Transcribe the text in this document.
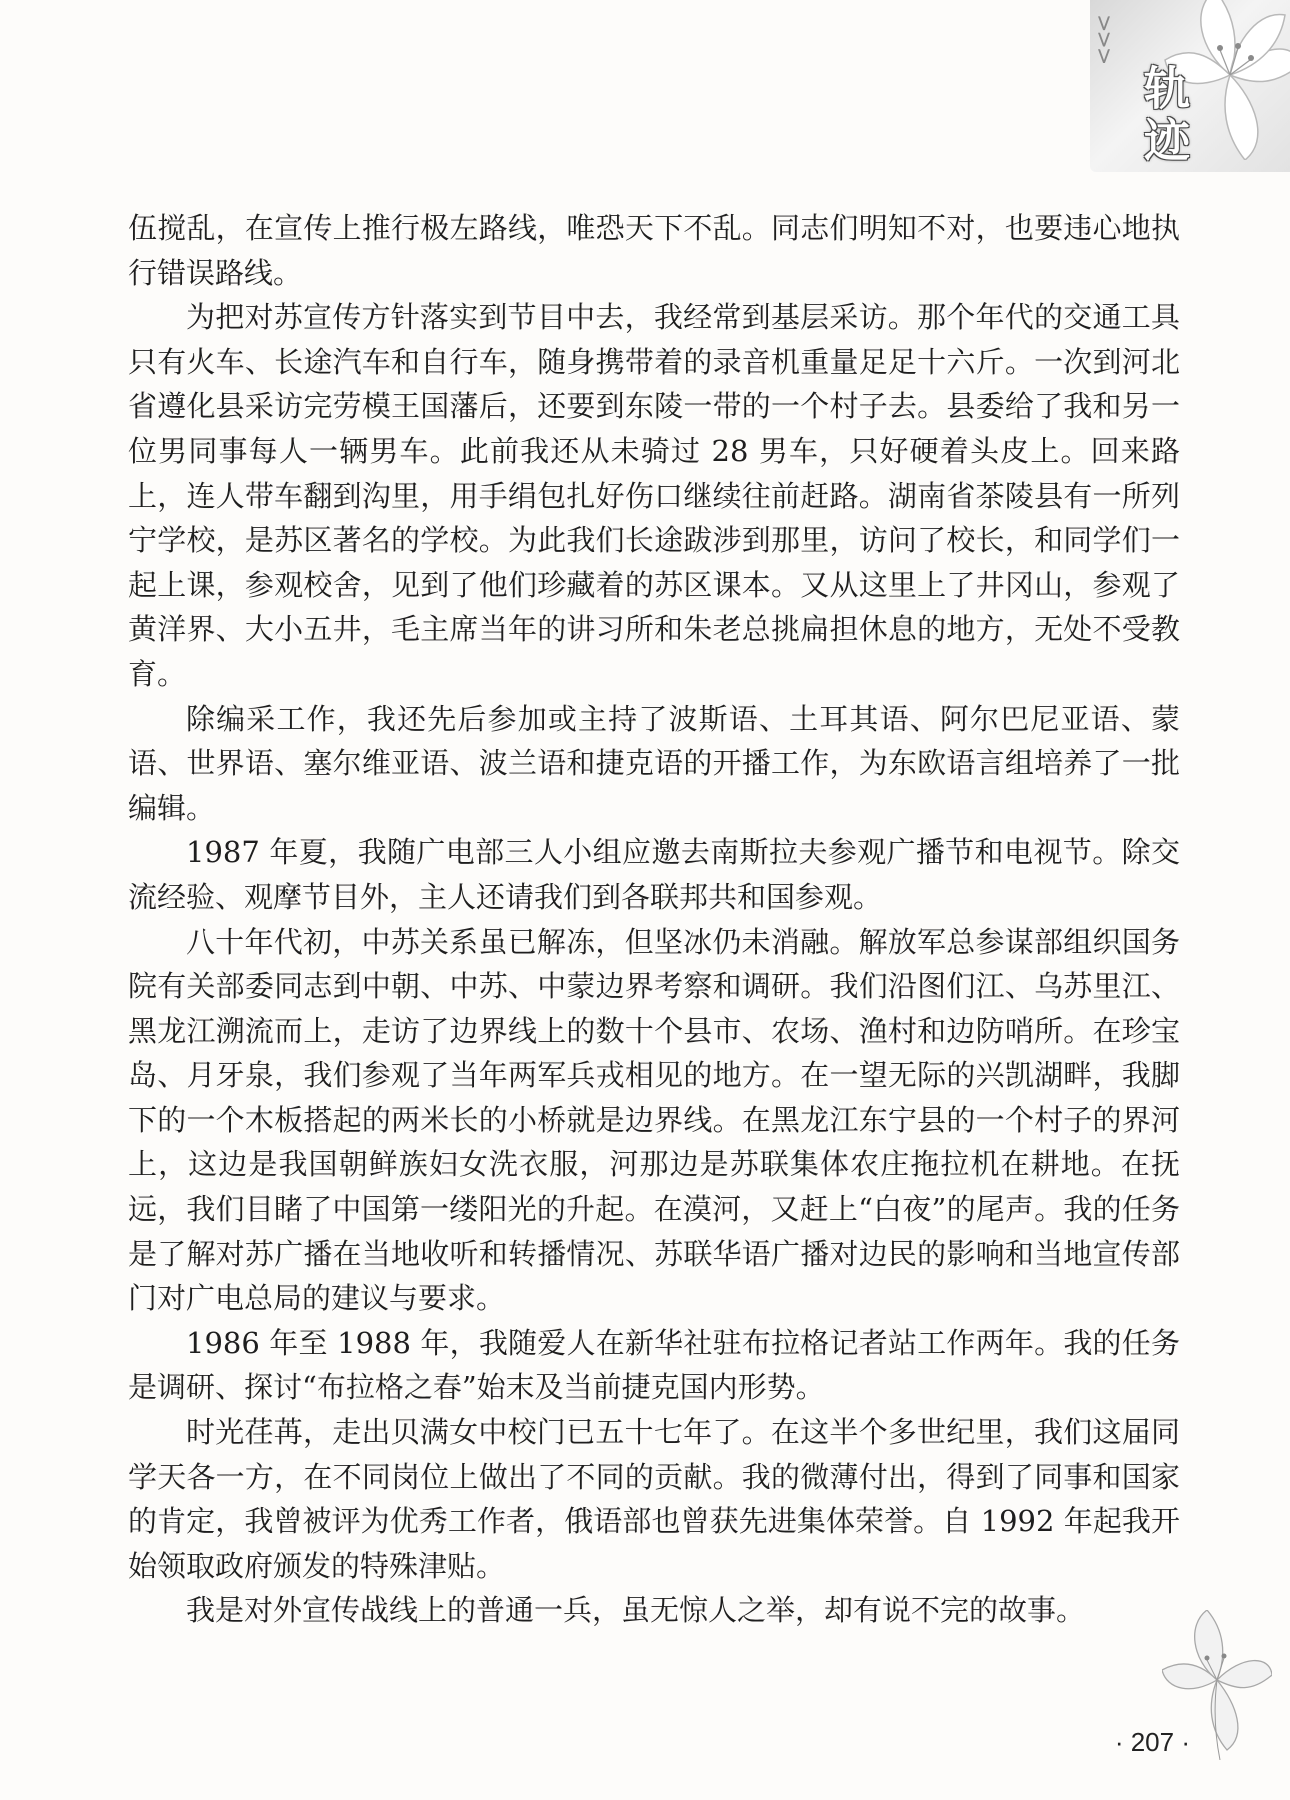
>>>
轨迹

伍搅乱，在宣传上推行极左路线，唯恐天下不乱。同志们明知不对，也要违心地执行错误路线。

为把对苏宣传方针落实到节目中去，我经常到基层采访。那个年代的交通工具只有火车、长途汽车和自行车，随身携带着的录音机重量足足十六斤。一次到河北省遵化县采访完劳模王国藩后，还要到东陵一带的一个村子去。县委给了我和另一位男同事每人一辆男车。此前我还从未骑过 28 男车，只好硬着头皮上。回来路上，连人带车翻到沟里，用手绢包扎好伤口继续往前赶路。湖南省茶陵县有一所列宁学校，是苏区著名的学校。为此我们长途跋涉到那里，访问了校长，和同学们一起上课，参观校舍，见到了他们珍藏着的苏区课本。又从这里上了井冈山，参观了黄洋界、大小五井，毛主席当年的讲习所和朱老总挑扁担休息的地方，无处不受教育。

除编采工作，我还先后参加或主持了波斯语、土耳其语、阿尔巴尼亚语、蒙语、世界语、塞尔维亚语、波兰语和捷克语的开播工作，为东欧语言组培养了一批编辑。

1987 年夏，我随广电部三人小组应邀去南斯拉夫参观广播节和电视节。除交流经验、观摩节目外，主人还请我们到各联邦共和国参观。

八十年代初，中苏关系虽已解冻，但坚冰仍未消融。解放军总参谋部组织国务院有关部委同志到中朝、中苏、中蒙边界考察和调研。我们沿图们江、乌苏里江、黑龙江溯流而上，走访了边界线上的数十个县市、农场、渔村和边防哨所。在珍宝岛、月牙泉，我们参观了当年两军兵戎相见的地方。在一望无际的兴凯湖畔，我脚下的一个木板搭起的两米长的小桥就是边界线。在黑龙江东宁县的一个村子的界河上，这边是我国朝鲜族妇女洗衣服，河那边是苏联集体农庄拖拉机在耕地。在抚远，我们目睹了中国第一缕阳光的升起。在漠河，又赶上“白夜”的尾声。我的任务是了解对苏广播在当地收听和转播情况、苏联华语广播对边民的影响和当地宣传部门对广电总局的建议与要求。

1986 年至 1988 年，我随爱人在新华社驻布拉格记者站工作两年。我的任务是调研、探讨“布拉格之春”始末及当前捷克国内形势。

时光荏苒，走出贝满女中校门已五十七年了。在这半个多世纪里，我们这届同学天各一方，在不同岗位上做出了不同的贡献。我的微薄付出，得到了同事和国家的肯定，我曾被评为优秀工作者，俄语部也曾获先进集体荣誉。自 1992 年起我开始领取政府颁发的特殊津贴。

我是对外宣传战线上的普通一兵，虽无惊人之举，却有说不完的故事。

· 207 ·
